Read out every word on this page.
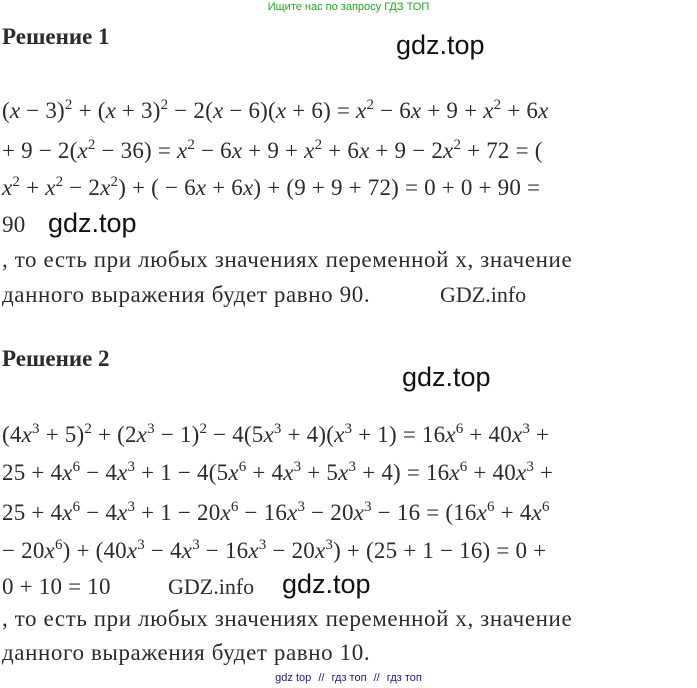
Ищите нас по запросу ГДЗ ТОП
Решение 1	gdz.top
$(x - 3)^2 + (x + 3)^2 - 2(x - 6)(x + 6) = x^2 - 6x + 9 + x^2 + 6x$
+ $9 - 2(x^2 - 36) = x^2 - 6x + 9 + x^2 + 6x + 9 - 2x^2 + 72$ = (
$x^2 + x^2 - 2x^2$) + ( − 6x + 6x) + (9 + 9 + 72) = 0 + 0 + 90 =
90 gdz.top
, то есть при любых значениях переменной х, значение
данного выражения будет равно 90.	GDZ.info
Решение 2
gdz.top
$(4x^3 + 5)^2 + (2x^3 - 1)^2 - 4(5x^3 + 4)(x^3 + 1) = 16x^6 + 40x^3$ +
$25 + 4x^6 - 4x^3 + 1 - 4(5x^6 + 4x^3 + 5x^3 + 4) = 16x^6 + 40x^3$ +
$25 + 4x^6 - 4x^3 + 1 - 20x^6 - 16x^3 - 20x^3 - 16 = (16x^6 + 4x^6$
− $20x^6) + (40x^3 - 4x^3 - 16x^3 - 20x^3) + (25 + 1 - 16) = 0$ +
0 + 10 = 10	GDZ.info gdz.top
, то есть при любых значениях переменной х, значение
данного выражения будет равно 10.
gdz top // гдз топ // гдз топ
